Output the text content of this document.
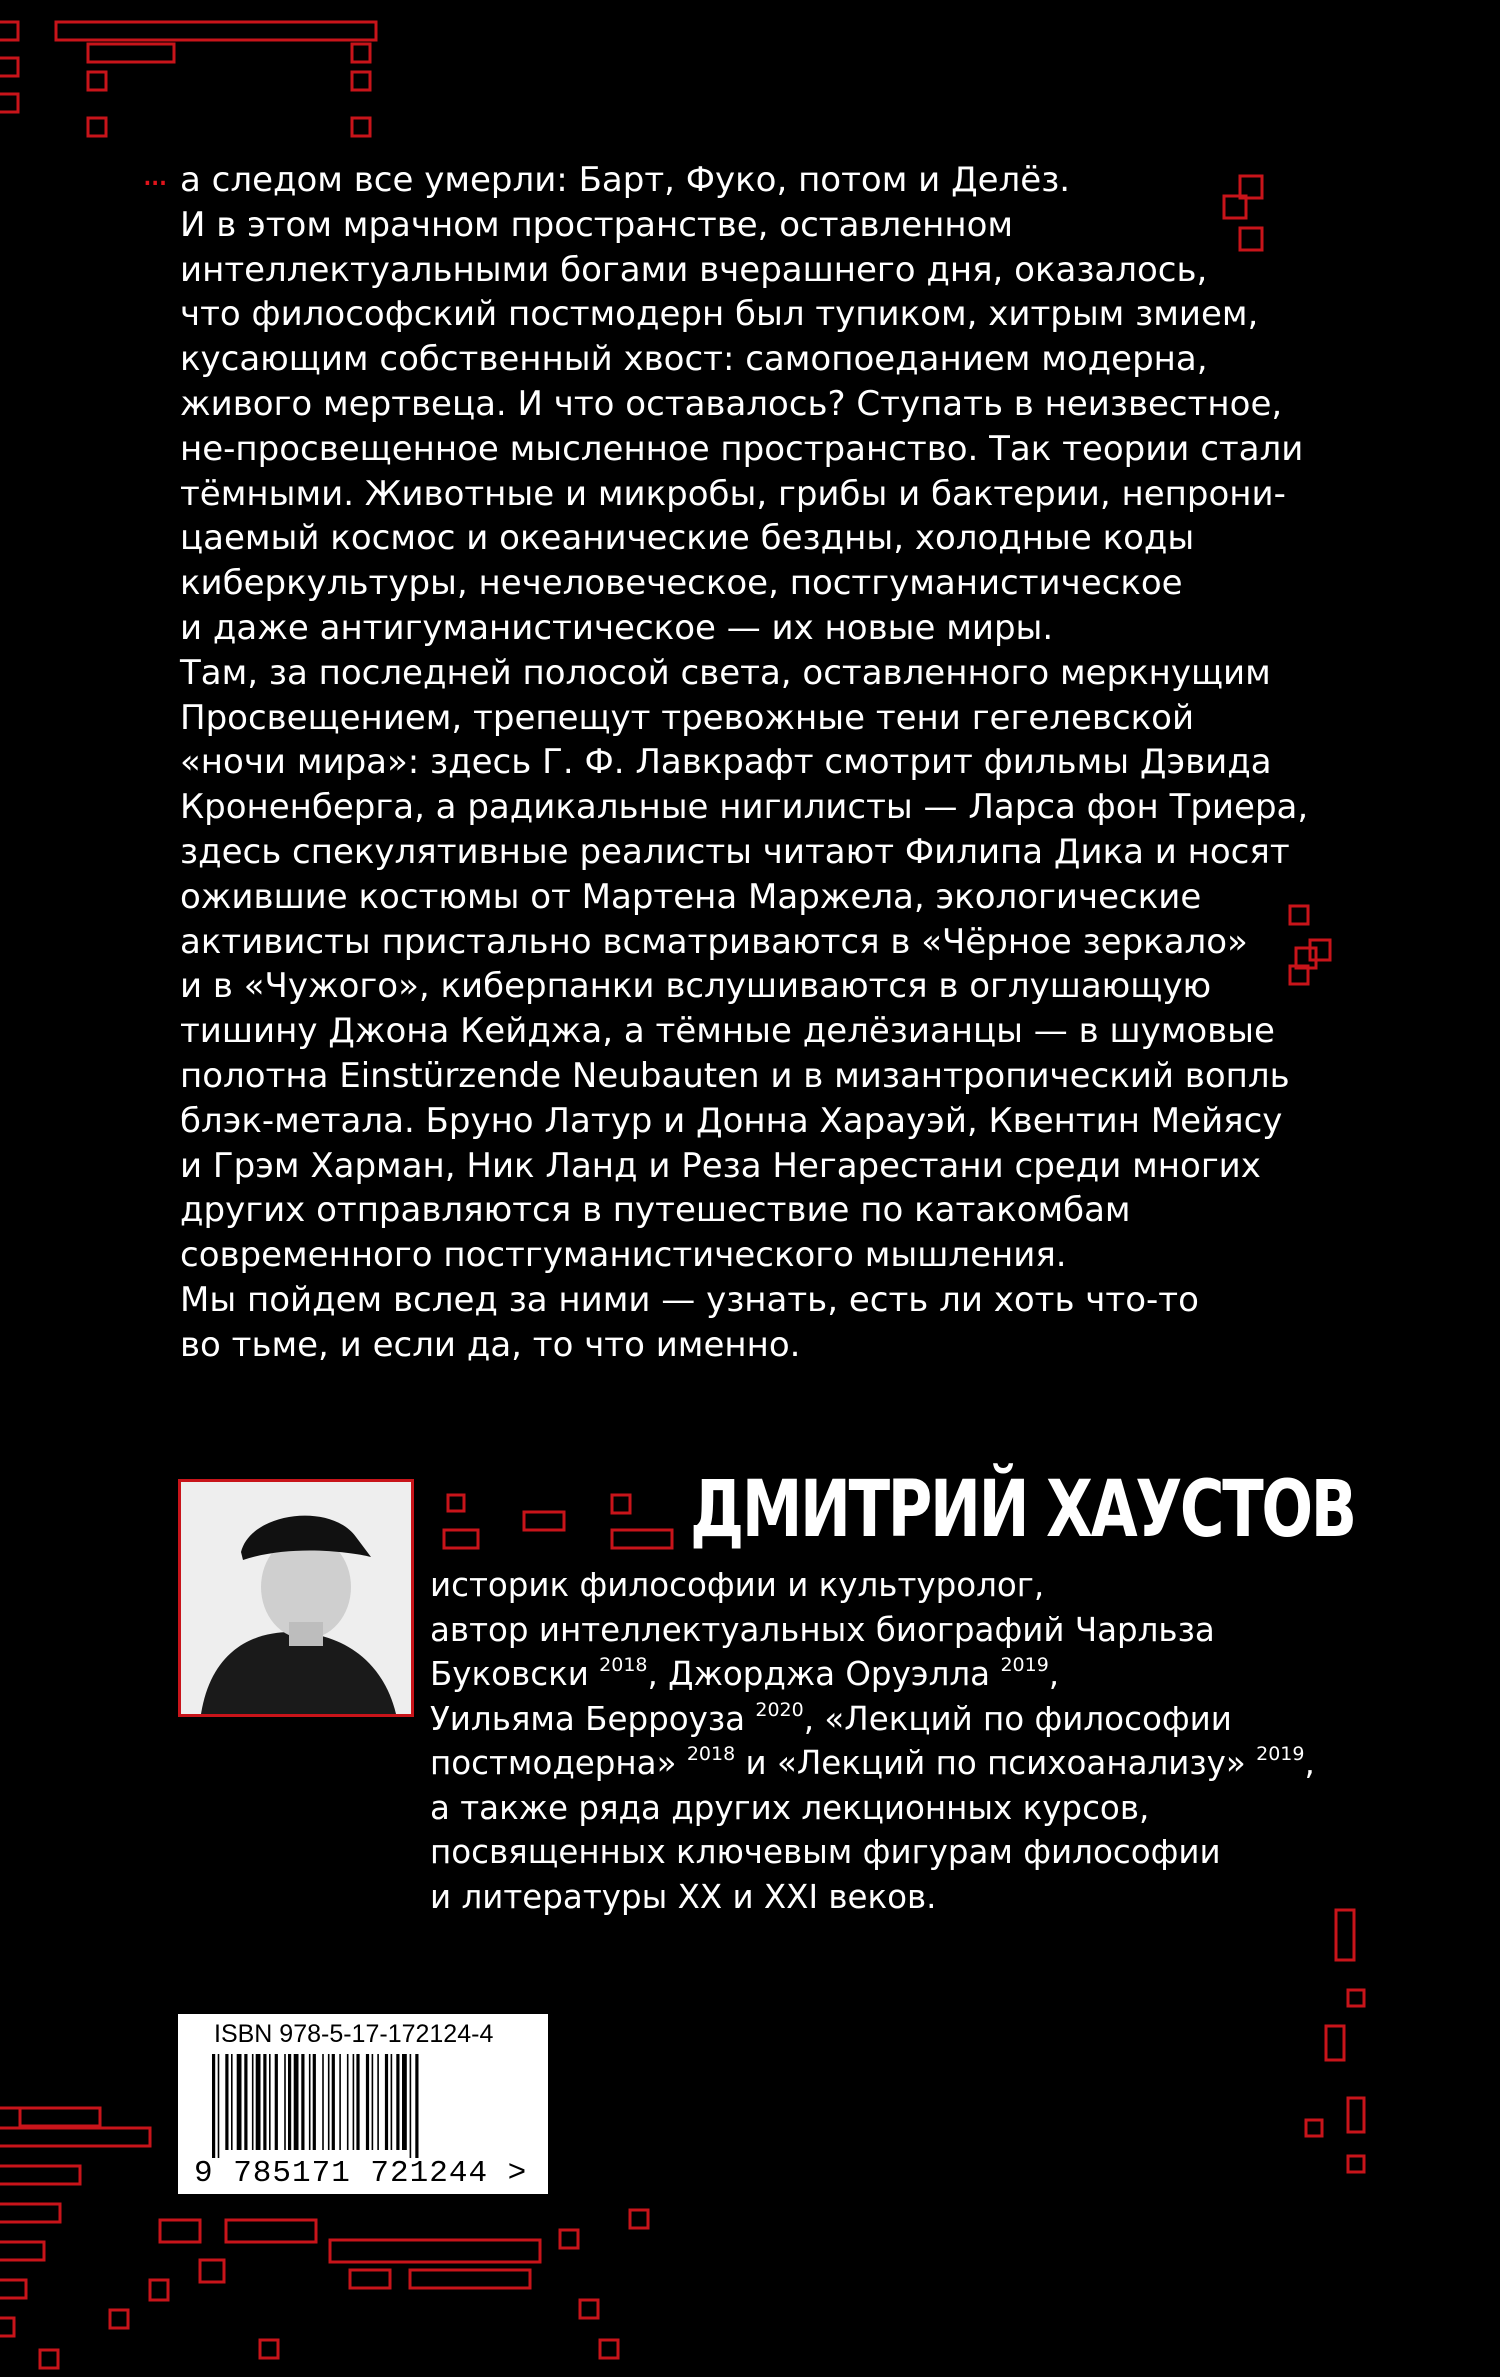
... а следом все умерли: Барт, Фуко, потом и Делёз.

И в этом мрачном пространстве, оставленном

интеллектуальными богами вчерашнего дня, оказалось,

что философский постмодерн был тупиком, хитрым змием,

кусающим собственный хвост: самопоеданием модерна,

живого мертвеца. И что оставалось? Ступать в неизвестное,

не-просвещенное мысленное пространство. Так теории стали

тёмными. Животные и микробы, грибы и бактерии, непрони-

цаемый космос и океанические бездны, холодные коды

киберкультуры, нечеловеческое, постгуманистическое

и даже антигуманистическое — их новые миры.

Там, за последней полосой света, оставленного меркнущим

Просвещением, трепещут тревожные тени гегелевской

«ночи мира»: здесь Г. Ф. Лавкрафт смотрит фильмы Дэвида

Кроненберга, а радикальные нигилисты — Ларса фон Триера,

здесь спекулятивные реалисты читают Филипа Дика и носят

ожившие костюмы от Мартена Маржела, экологические

активисты пристально всматриваются в «Чёрное зеркало»

и в «Чужого», киберпанки вслушиваются в оглушающую

тишину Джона Кейджа, а тёмные делёзианцы — в шумовые

полотна Einstürzende Neubauten и в мизантропический вопль

блэк-метала. Бруно Латур и Донна Харауэй, Квентин Мейясу

и Грэм Харман, Ник Ланд и Реза Негарестани среди многих

других отправляются в путешествие по катакомбам

современного постгуманистического мышления.

Мы пойдем вслед за ними — узнать, есть ли хоть что-то

во тьме, и если да, то что именно.

ДМИТРИЙ ХАУСТОВ
историк философии и культуролог,
автор интеллектуальных биографий Чарльза
Буковски $^{2018}$, Джорджа Оруэлла $^{2019}$,
Уильяма Берроуза $^{2020}$, «Лекций по философии
постмодерна» $^{2018}$ и «Лекций по психоанализу» $^{2019}$,
а также ряда других лекционных курсов,
посвященных ключевым фигурам философии
и литературы XX и XXI веков.
ISBN 978-5-17-172124-4
9 785171 721244 >
